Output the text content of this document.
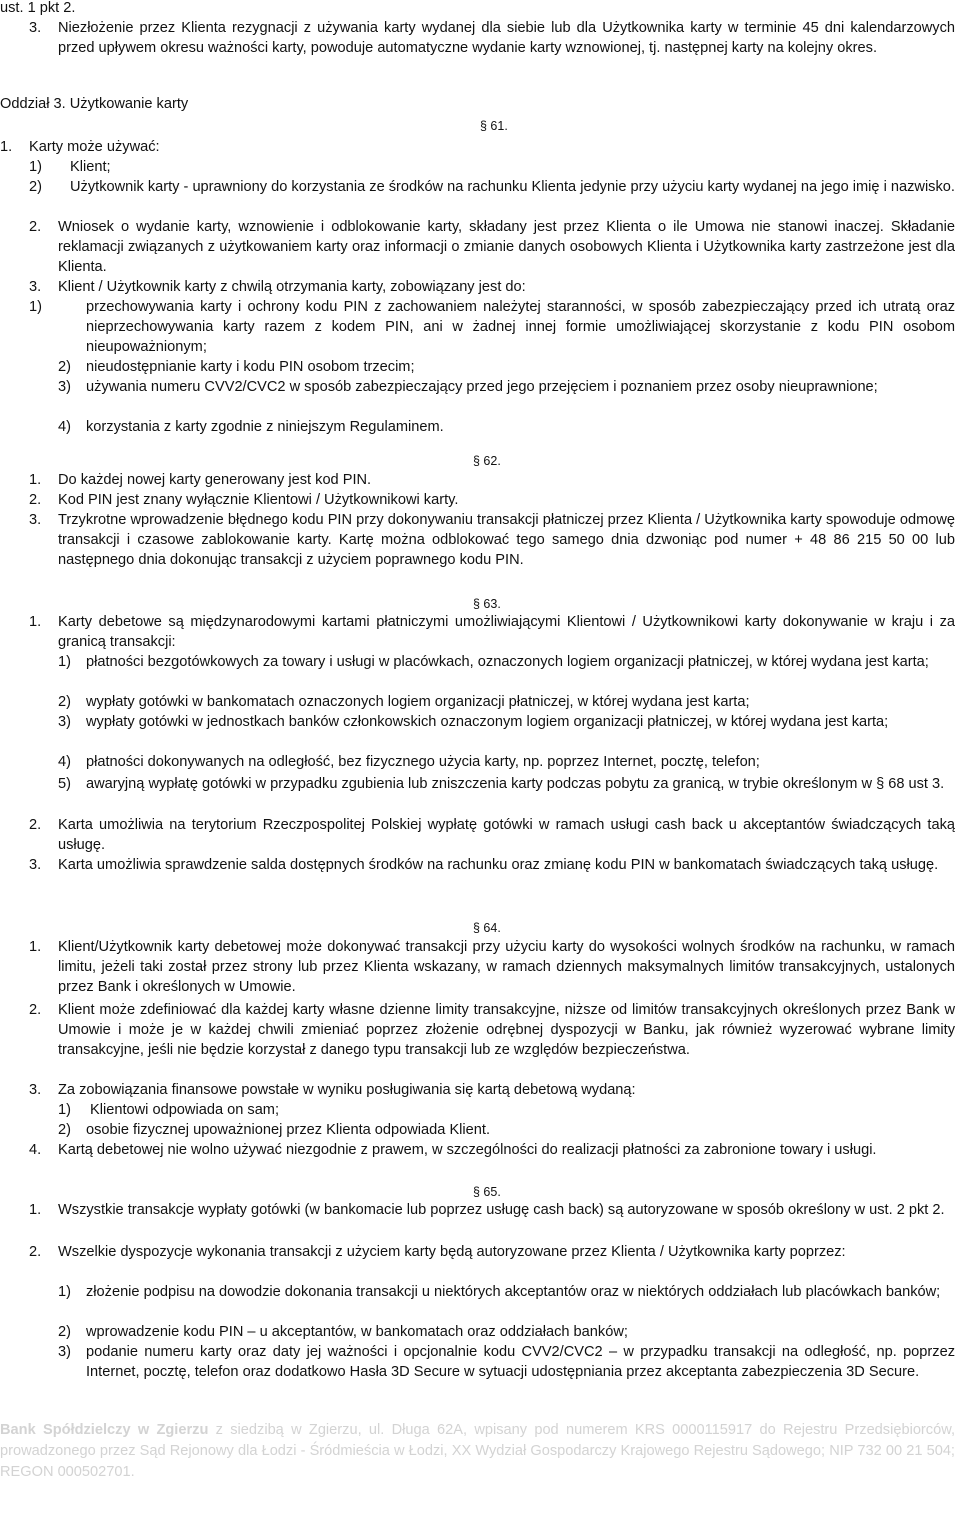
ust. 1 pkt 2.
3. Niezłożenie przez Klienta rezygnacji z używania karty wydanej dla siebie lub dla Użytkownika karty w terminie 45 dni kalendarzowych przed upływem okresu ważności karty, powoduje automatyczne wydanie karty wznowionej, tj. następnej karty na kolejny okres.
Oddział 3. Użytkowanie karty
§ 61.
1. Karty może używać:
1) Klient;
2) Użytkownik karty - uprawniony do korzystania ze środków na rachunku Klienta jedynie przy użyciu karty wydanej na jego imię i nazwisko.
2. Wniosek o wydanie karty, wznowienie i odblokowanie karty, składany jest przez Klienta o ile Umowa nie stanowi inaczej. Składanie reklamacji związanych z użytkowaniem karty oraz informacji o zmianie danych osobowych Klienta i Użytkownika karty zastrzeżone jest dla Klienta.
3. Klient / Użytkownik karty z chwilą otrzymania karty, zobowiązany jest do:
1)	przechowywania karty i ochrony kodu PIN z zachowaniem należytej staranności, w sposób zabezpieczający przed ich utratą oraz nieprzechowywania karty razem z kodem PIN, ani w żadnej innej formie umożliwiającej skorzystanie z kodu PIN osobom nieupoważnionym;
2) nieudostępnianie karty i kodu PIN osobom trzecim;
3) używania numeru CVV2/CVC2 w sposób zabezpieczający przed jego przejęciem i poznaniem przez osoby nieuprawnione;
4) korzystania z karty zgodnie z niniejszym Regulaminem.
§ 62.
1. Do każdej nowej karty generowany jest kod PIN.
2. Kod PIN jest znany wyłącznie Klientowi / Użytkownikowi karty.
3. Trzykrotne wprowadzenie błędnego kodu PIN przy dokonywaniu transakcji płatniczej przez Klienta / Użytkownika karty spowoduje odmowę transakcji i czasowe zablokowanie karty. Kartę można odblokować tego samego dnia dzwoniąc pod numer + 48 86 215 50 00 lub następnego dnia dokonując transakcji z użyciem poprawnego kodu PIN.
§ 63.
1. Karty debetowe są międzynarodowymi kartami płatniczymi umożliwiającymi Klientowi / Użytkownikowi karty dokonywanie w kraju i za granicą transakcji:
1) płatności bezgotówkowych za towary i usługi w placówkach, oznaczonych logiem organizacji płatniczej, w której wydana jest karta;
2) wypłaty gotówki w bankomatach oznaczonych logiem organizacji płatniczej, w której wydana jest karta;
3) wypłaty gotówki w jednostkach banków członkowskich oznaczonym logiem organizacji płatniczej, w której wydana jest karta;
4) płatności dokonywanych na odległość, bez fizycznego użycia karty, np. poprzez Internet, pocztę, telefon;
5) awaryjną wypłatę gotówki w przypadku zgubienia lub zniszczenia karty podczas pobytu za granicą, w trybie określonym w § 68 ust 3.
2. Karta umożliwia na terytorium Rzeczpospolitej Polskiej wypłatę gotówki w ramach usługi cash back u akceptantów świadczących taką usługę.
3. Karta umożliwia sprawdzenie salda dostępnych środków na rachunku oraz zmianę kodu PIN w bankomatach świadczących taką usługę.
§ 64.
1. Klient/Użytkownik karty debetowej może dokonywać transakcji przy użyciu karty do wysokości wolnych środków na rachunku, w ramach limitu, jeżeli taki został przez strony lub przez Klienta wskazany, w ramach dziennych maksymalnych limitów transakcyjnych, ustalonych przez Bank i określonych w Umowie.
2. Klient może zdefiniować dla każdej karty własne dzienne limity transakcyjne, niższe od limitów transakcyjnych określonych przez Bank w Umowie i może je w każdej chwili zmieniać poprzez złożenie odrębnej dyspozycji w Banku, jak również wyzerować wybrane limity transakcyjne, jeśli nie będzie korzystał z danego typu transakcji lub ze względów bezpieczeństwa.
3. Za zobowiązania finansowe powstałe w wyniku posługiwania się kartą debetową wydaną:
1) Klientowi odpowiada on sam;
2) osobie fizycznej upoważnionej przez Klienta odpowiada Klient.
4. Kartą debetowej nie wolno używać niezgodnie z prawem, w szczególności do realizacji płatności za zabronione towary i usługi.
§ 65.
1. Wszystkie transakcje wypłaty gotówki (w bankomacie lub poprzez usługę cash back) są autoryzowane w sposób określony w ust. 2 pkt 2.
2. Wszelkie dyspozycje wykonania transakcji z użyciem karty będą autoryzowane przez Klienta / Użytkownika karty poprzez:
1) złożenie podpisu na dowodzie dokonania transakcji u niektórych akceptantów oraz w niektórych oddziałach lub placówkach banków;
2) wprowadzenie kodu PIN – u akceptantów, w bankomatach oraz oddziałach banków;
3) podanie numeru karty oraz daty jej ważności i opcjonalnie kodu CVV2/CVC2 – w przypadku transakcji na odległość, np. poprzez Internet, pocztę, telefon oraz dodatkowo Hasła 3D Secure w sytuacji udostępniania przez akceptanta zabezpieczenia 3D Secure.
Bank Spółdzielczy w Zgierzu z siedzibą w Zgierzu, ul. Długa 62A, wpisany pod numerem KRS 0000115917 do Rejestru Przedsiębiorców, prowadzonego przez Sąd Rejonowy dla Łodzi - Śródmieścia w Łodzi, XX Wydział Gospodarczy Krajowego Rejestru Sądowego; NIP 732 00 21 504; REGON 000502701.
